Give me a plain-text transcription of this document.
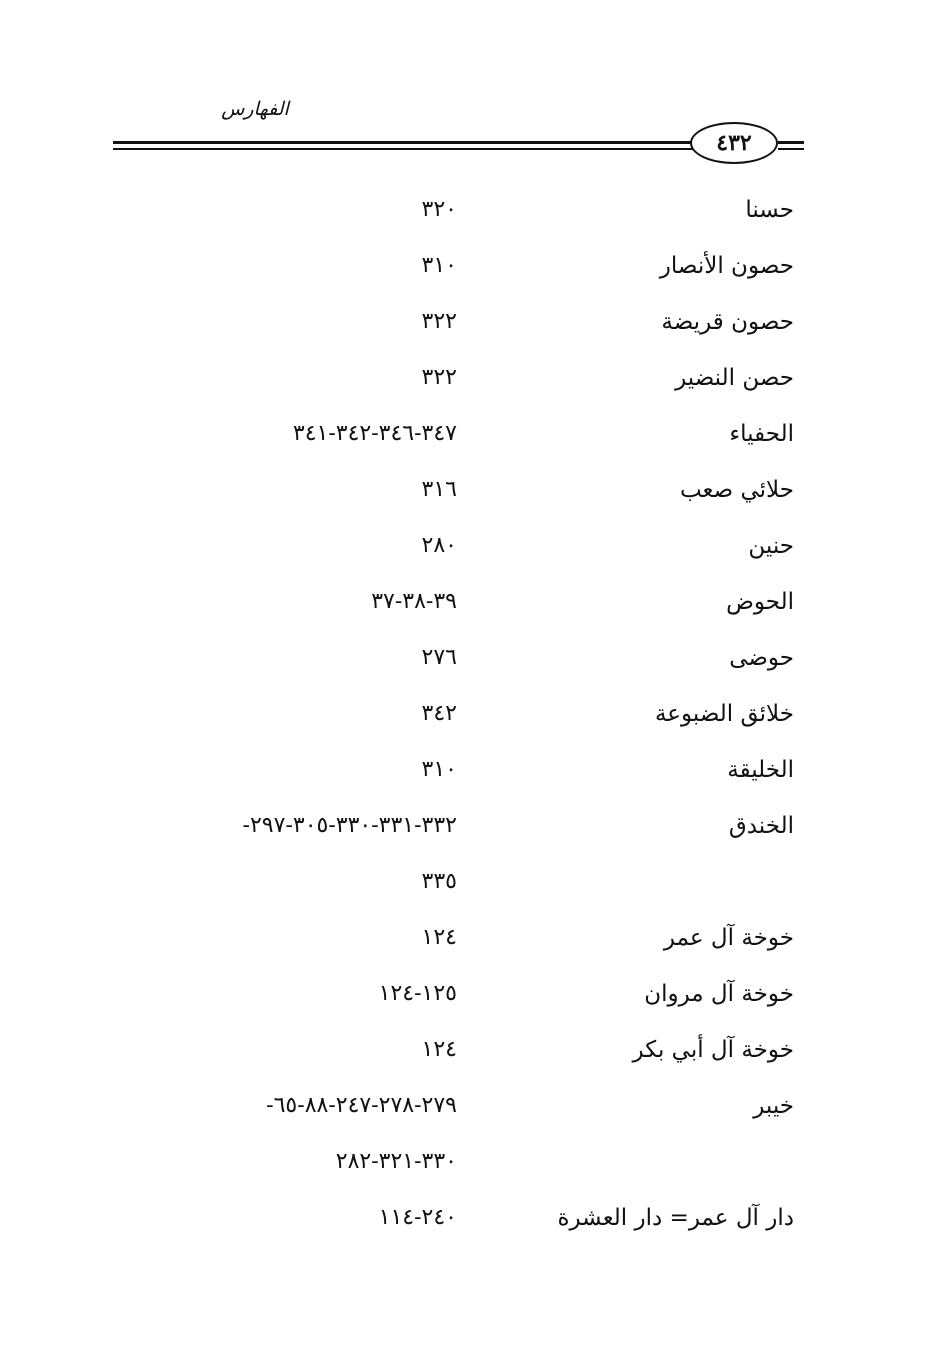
الفهارس
٤٣٢
حسنا
٣٢٠
حصون الأنصار
٣١٠
حصون قريضة
٣٢٢
حصن النضير
٣٢٢
الحفياء
٣٤٧-٣٤٦-٣٤٢-٣٤١
حلائي صعب
٣١٦
حنين
٢٨٠
الحوض
٣٩-٣٨-٣٧
حوضى
٢٧٦
خلائق الضبوعة
٣٤٢
الخليقة
٣١٠
الخندق
٣٣٢-٣٣١-٣٣٠-٣٠٥-٢٩٧-
٣٣٥
خوخة آل عمر
١٢٤
خوخة آل مروان
١٢٥-١٢٤
خوخة آل أبي بكر
١٢٤
خيبر
٢٧٩-٢٧٨-٢٤٧-٨٨-٦٥-
٣٣٠-٣٢١-٢٨٢
دار آل عمر= دار العشرة
٢٤٠-١١٤
